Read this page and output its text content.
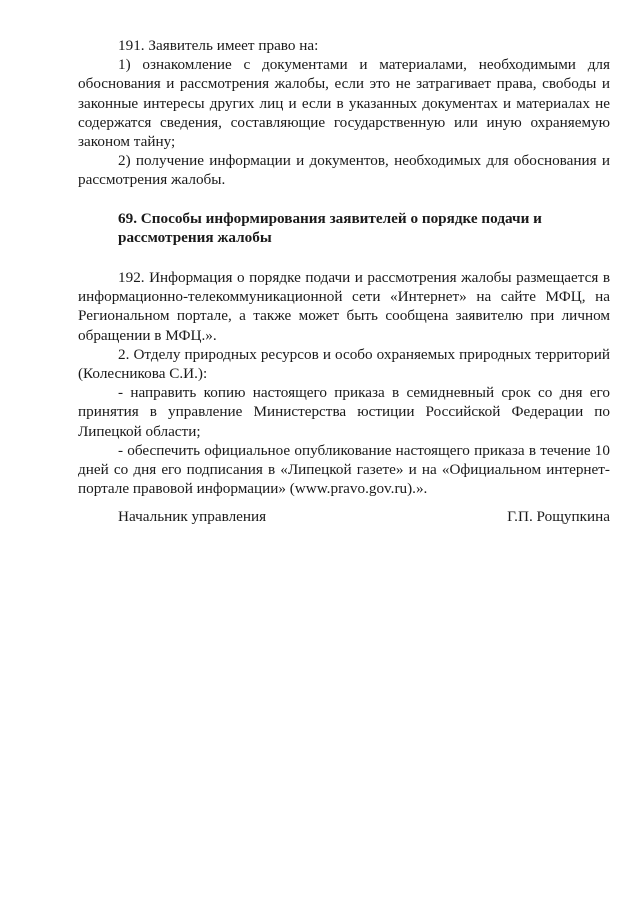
191. Заявитель имеет право на:

1) ознакомление с документами и материалами, необходимыми для обоснования и рассмотрения жалобы, если это не затрагивает права, свободы и законные интересы других лиц и если в указанных документах и материалах не содержатся сведения, составляющие государственную или иную охраняемую законом тайну;

2) получение информации и документов, необходимых для обоснования и рассмотрения жалобы.

69. Способы информирования заявителей о порядке подачи и рассмотрения жалобы

192. Информация о порядке подачи и рассмотрения жалобы размещается в информационно-телекоммуникационной сети «Интернет» на сайте МФЦ, на Региональном портале, а также может быть сообщена заявителю при личном обращении в МФЦ.».

2. Отделу природных ресурсов и особо охраняемых природных территорий (Колесникова С.И.):

- направить копию настоящего приказа в семидневный срок со дня его принятия в управление Министерства юстиции Российской Федерации по Липецкой области;

- обеспечить официальное опубликование настоящего приказа в течение 10 дней со дня его подписания в «Липецкой газете» и на «Официальном интернет-портале правовой информации» (www.pravo.gov.ru).».

Начальник управления	Г.П. Рощупкина
